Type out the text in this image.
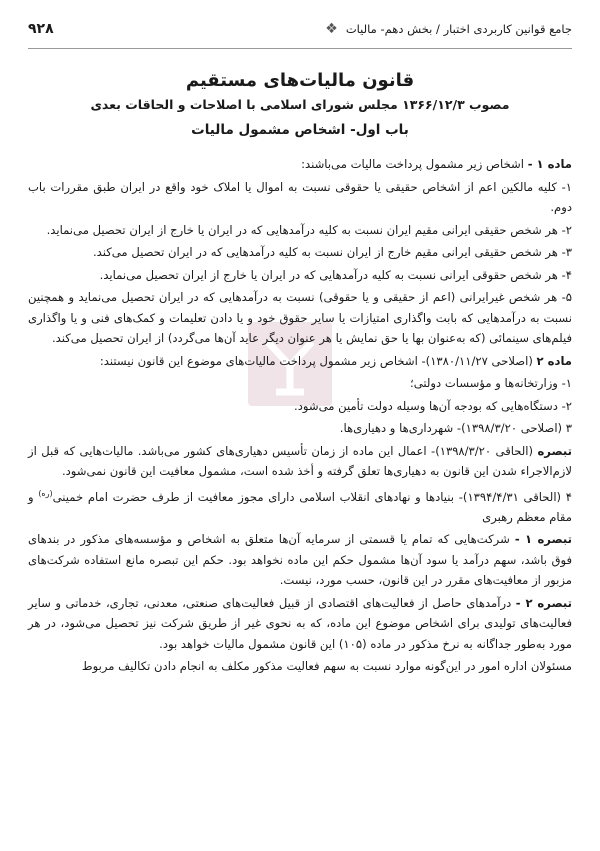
جامع قوانین کاربردی اختبار / بخش دهم- مالیات
❖
۹۲۸
قانون مالیات‌های مستقیم
مصوب ۱۳۶۶/۱۲/۳ مجلس شورای اسلامی با اصلاحات و الحاقات بعدی
باب اول- اشخاص مشمول مالیات

ماده ۱ - اشخاص زیر مشمول پرداخت مالیات می‌باشند:

۱- کلیه مالکین اعم از اشخاص حقیقی یا حقوقی نسبت به اموال یا املاک خود واقع در ایران طبق مقررات باب دوم.

۲- هر شخص حقیقی ایرانی مقیم ایران نسبت به کلیه درآمدهایی که در ایران یا خارج از ایران تحصیل می‌نماید.

۳- هر شخص حقیقی ایرانی مقیم خارج از ایران نسبت به کلیه درآمدهایی که در ایران تحصیل می‌کند.

۴- هر شخص حقوقی ایرانی نسبت به کلیه درآمدهایی که در ایران یا خارج از ایران تحصیل می‌نماید.

۵- هر شخص غیرایرانی (اعم از حقیقی و یا حقوقی) نسبت به درآمدهایی که در ایران تحصیل می‌نماید و همچنین نسبت به درآمدهایی که بابت واگذاری امتیازات یا سایر حقوق خود و یا دادن تعلیمات و کمک‌های فنی و یا واگذاری فیلم‌های سینمائی (که به‌عنوان بها یا حق نمایش یا هر عنوان دیگر عاید آن‌ها می‌گردد) از ایران تحصیل می‌کند.

ماده ۲ (اصلاحی ۱۳۸۰/۱۱/۲۷)- اشخاص زیر مشمول پرداخت مالیات‌های موضوع این قانون نیستند:

۱- وزارتخانه‌ها و مؤسسات دولتی؛

۲- دستگاه‌هایی که بودجه آن‌ها وسیله دولت تأمین می‌شود.

۳ (اصلاحی ۱۳۹۸/۳/۲۰)- شهرداری‌ها و دهیاری‌ها.

تبصره (الحاقی ۱۳۹۸/۳/۲۰)- اعمال این ماده از زمان تأسیس دهیاری‌های کشور می‌باشد. مالیات‌هایی که قبل از لازم‌الاجراء شدن این قانون به دهیاری‌ها تعلق گرفته و أخذ شده است، مشمول معافیت این قانون نمی‌شود.

۴ (الحاقی ۱۳۹۴/۴/۳۱)- بنیادها و نهادهای انقلاب اسلامی دارای مجوز معافیت از طرف حضرت امام خمینی$^{(ره)}$ و مقام معظم رهبری

تبصره ۱ - شرکت‌هایی که تمام یا قسمتی از سرمایه آن‌ها متعلق به اشخاص و مؤسسه‌های مذکور در بندهای فوق باشد، سهم درآمد یا سود آن‌ها مشمول حکم این ماده نخواهد بود. حکم این تبصره مانع استفاده شرکت‌های مزبور از معافیت‌های مقرر در این قانون، حسب مورد، نیست.

تبصره ۲ - درآمدهای حاصل از فعالیت‌های اقتصادی از قبیل فعالیت‌های صنعتی، معدنی، تجاری، خدماتی و سایر فعالیت‌های تولیدی برای اشخاص موضوع این ماده، که به نحوی غیر از طریق شرکت نیز تحصیل می‌شود، در هر مورد به‌طور جداگانه به نرخ مذکور در ماده (۱۰۵) این قانون مشمول مالیات خواهد بود.

مسئولان اداره امور در این‌گونه موارد نسبت به سهم فعالیت مذکور مکلف به انجام دادن تکالیف مربوط
